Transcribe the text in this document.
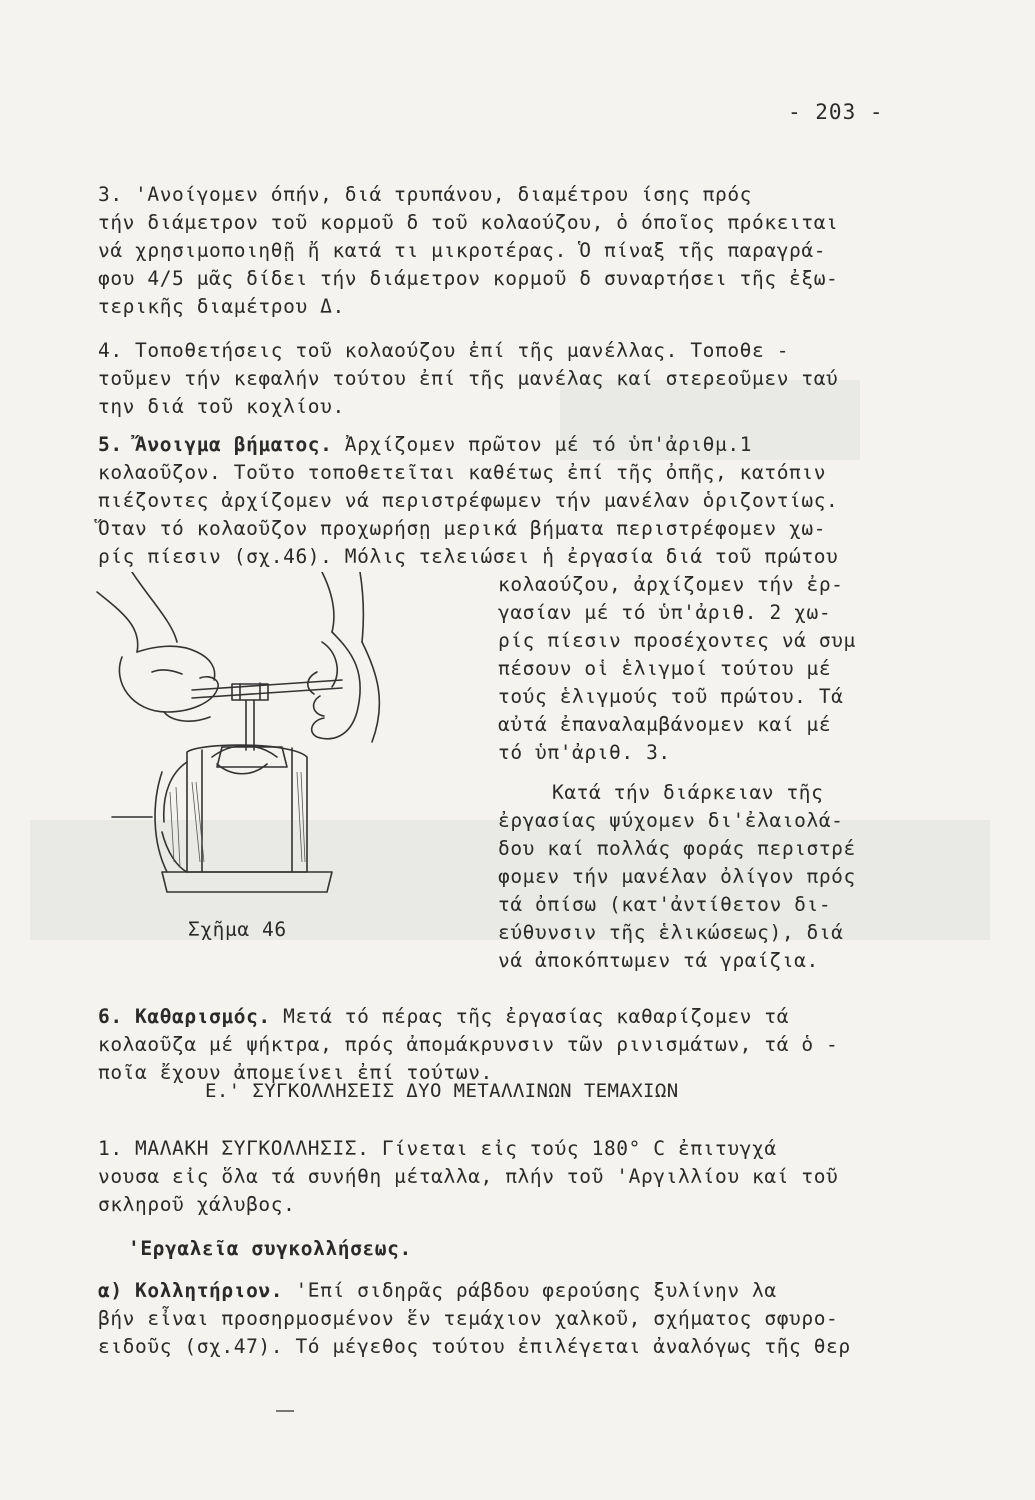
- 203 -
3. 'Ανοίγομεν όπήν, διά τρυπάνου, διαμέτρου ίσης πρός
τήν διάμετρον τοῦ κορμοῦ δ τοῦ κολαούζου, ὁ όποῖος πρόκειται
νά χρησιμοποιηθῇ ἤ κατά τι μικροτέρας. Ὁ πίναξ τῆς παραγρά-
φου 4/5 μᾶς δίδει τήν διάμετρον κορμοῦ δ συναρτήσει τῆς ἐξω-
τερικῆς διαμέτρου Δ.
4. Τοποθετήσεις τοῦ κολαούζου ἐπί τῆς μανέλλας. Τοποθε -
τοῦμεν τήν κεφαλήν τούτου ἐπί τῆς μανέλας καί στερεοῦμεν ταύ
την διά τοῦ κοχλίου.
5. Ἄνοιγμα βήματος. Ἀρχίζομεν πρῶτον μέ τό ὑπ'ἀριθμ.1
κολαοῦζον. Τοῦτο τοποθετεῖται καθέτως ἐπί τῆς ὀπῆς, κατόπιν
πιέζοντες ἀρχίζομεν νά περιστρέφωμεν τήν μανέλαν ὁριζοντίως.
Ὅταν τό κολαοῦζον προχωρήσῃ μερικά βήματα περιστρέφομεν χω-
ρίς πίεσιν (σχ.46). Μόλις τελειώσει ἡ ἐργασία διά τοῦ πρώτου
κολαούζου, ἀρχίζομεν τήν ἐρ-
γασίαν μέ τό ὑπ'ἀριθ. 2 χω-
ρίς πίεσιν προσέχοντες νά συμ
πέσουν οἱ ἑλιγμοί τούτου μέ
τούς ἑλιγμούς τοῦ πρώτου. Τά
αὐτά ἐπαναλαμβάνομεν καί μέ
τό ὑπ'ἀριθ. 3.
Κατά τήν διάρκειαν τῆς
ἐργασίας ψύχομεν δι'ἐλαιολά-
δου καί πολλάς φοράς περιστρέ
φομεν τήν μανέλαν ὀλίγον πρός
τά ὀπίσω (κατ'ἀντίθετον δι-
εύθυνσιν τῆς ἑλικώσεως), διά
νά ἀποκόπτωμεν τά γραίζια.
Σχῆμα 46
6. Καθαρισμός. Μετά τό πέρας τῆς ἐργασίας καθαρίζομεν τά
κολαοῦζα μέ ψήκτρα, πρός ἀπομάκρυνσιν τῶν ρινισμάτων, τά ὁ -
ποῖα ἔχουν ἀπομείνει ἐπί τούτων.
Ε.' ΣΥΓΚΟΛΛΗΣΕΙΣ ΔΥΟ ΜΕΤΑΛΛΙΝΩΝ ΤΕΜΑΧΙΩΝ
1. ΜΑΛΑΚΗ ΣΥΓΚΟΛΛΗΣΙΣ. Γίνεται εἰς τούς 180° C ἐπιτυγχά
νουσα εἰς ὅλα τά συνήθη μέταλλα, πλήν τοῦ 'Αργιλλίου καί τοῦ
σκληροῦ χάλυβος.
'Εργαλεῖα συγκολλήσεως.
α) Κολλητήριον. 'Επί σιδηρᾶς ράβδου φερούσης ξυλίνην λα
βήν εἶναι προσηρμοσμένον ἕν τεμάχιον χαλκοῦ, σχήματος σφυρο-
ειδοῦς (σχ.47). Τό μέγεθος τούτου ἐπιλέγεται ἀναλόγως τῆς θερ
